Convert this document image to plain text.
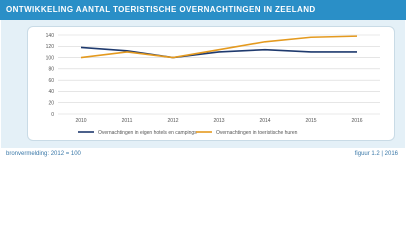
ONTWIKKELING AANTAL TOERISTISCHE OVERNACHTINGEN IN ZEELAND
0
20
40
60
80
100
120
140
2010	2011	2012	2013	2014	2015	2016
Overnachtingen in eigen hotels en campings	Overnachtingen in toeristische huren
bronvermelding: 2012 = 100	figuur 1.2 | 2016
